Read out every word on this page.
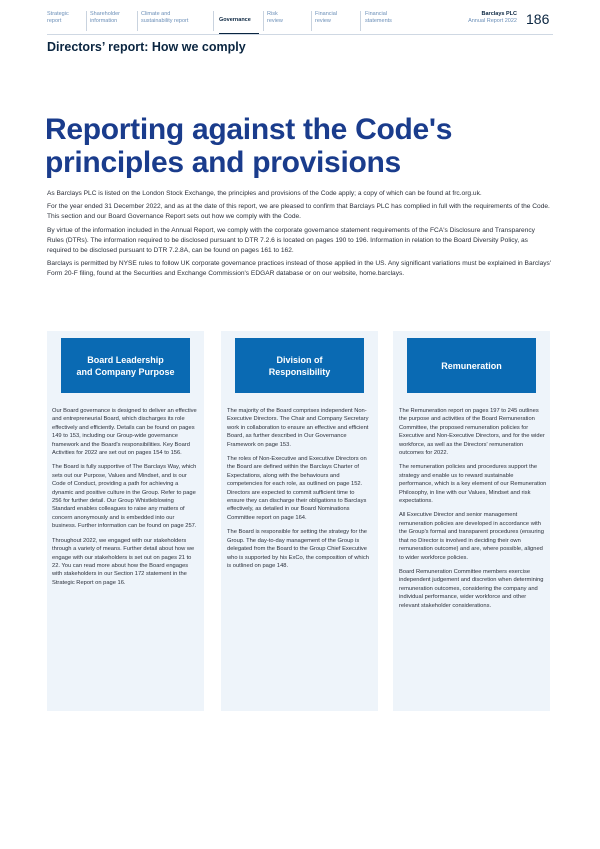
Strategic
report
Shareholder
information
Climate and
sustainability report	Governance
Risk
review
Financial
review
Financial
statements
Barclays PLC
Annual Report 2022 186
Directors’ report: How we comply
Reporting against the Code's principles and provisions

As Barclays PLC is listed on the London Stock Exchange, the principles and provisions of the Code apply; a copy of which can be found at frc.org.uk.

For the year ended 31 December 2022, and as at the date of this report, we are pleased to confirm that Barclays PLC has complied in full with the requirements of the Code. This section and our Board Governance Report sets out how we comply with the Code.

By virtue of the information included in the Annual Report, we comply with the corporate governance statement requirements of the FCA's Disclosure and Transparency Rules (DTRs). The information required to be disclosed pursuant to DTR 7.2.6 is located on pages 190 to 196. Information in relation to the Board Diversity Policy, as required to be disclosed pursuant to DTR 7.2.8A, can be found on pages 161 to 162.

Barclays is permitted by NYSE rules to follow UK corporate governance practices instead of those applied in the US. Any significant variations must be explained in Barclays' Form 20-F filing, found at the Securities and Exchange Commission's EDGAR database or on our website, home.barclays.

Board Leadership
and Company Purpose
Division of
Responsibility
Remuneration

Our Board governance is designed to deliver an effective and entrepreneurial Board, which discharges its role effectively and efficiently. Details can be found on pages 149 to 153, including our Group-wide governance framework and the Board's responsibilities. Key Board Activities for 2022 are set out on pages 154 to 156.

The Board is fully supportive of The Barclays Way, which sets out our Purpose, Values and Mindset, and is our Code of Conduct, providing a path for achieving a dynamic and positive culture in the Group. Refer to page 256 for further detail. Our Group Whistleblowing Standard enables colleagues to raise any matters of concern anonymously and is embedded into our business. Further information can be found on page 257.

Throughout 2022, we engaged with our stakeholders through a variety of means. Further detail about how we engage with our stakeholders is set out on pages 21 to 22. You can read more about how the Board engages with stakeholders in our Section 172 statement in the Strategic Report on page 16.

The majority of the Board comprises independent Non-Executive Directors. The Chair and Company Secretary work in collaboration to ensure an effective and efficient Board, as further described in Our Governance Framework on page 153.

The roles of Non-Executive and Executive Directors on the Board are defined within the Barclays Charter of Expectations, along with the behaviours and competencies for each role, as outlined on page 152. Directors are expected to commit sufficient time to ensure they can discharge their obligations to Barclays effectively, as detailed in our Board Nominations Committee report on page 164.

The Board is responsible for setting the strategy for the Group. The day-to-day management of the Group is delegated from the Board to the Group Chief Executive who is supported by his ExCo, the composition of which is outlined on page 148.

The Remuneration report on pages 197 to 245 outlines the purpose and activities of the Board Remuneration Committee, the proposed remuneration policies for Executive and Non-Executive Directors, and for the wider workforce, as well as the Directors' remuneration outcomes for 2022.

The remuneration policies and procedures support the strategy and enable us to reward sustainable performance, which is a key element of our Remuneration Philosophy, in line with our Values, Mindset and risk expectations.

All Executive Director and senior management remuneration policies are developed in accordance with the Group's formal and transparent procedures (ensuring that no Director is involved in deciding their own remuneration outcome) and are, where possible, aligned to wider workforce policies.

Board Remuneration Committee members exercise independent judgement and discretion when determining remuneration outcomes, considering the company and individual performance, wider workforce and other relevant stakeholder considerations.
